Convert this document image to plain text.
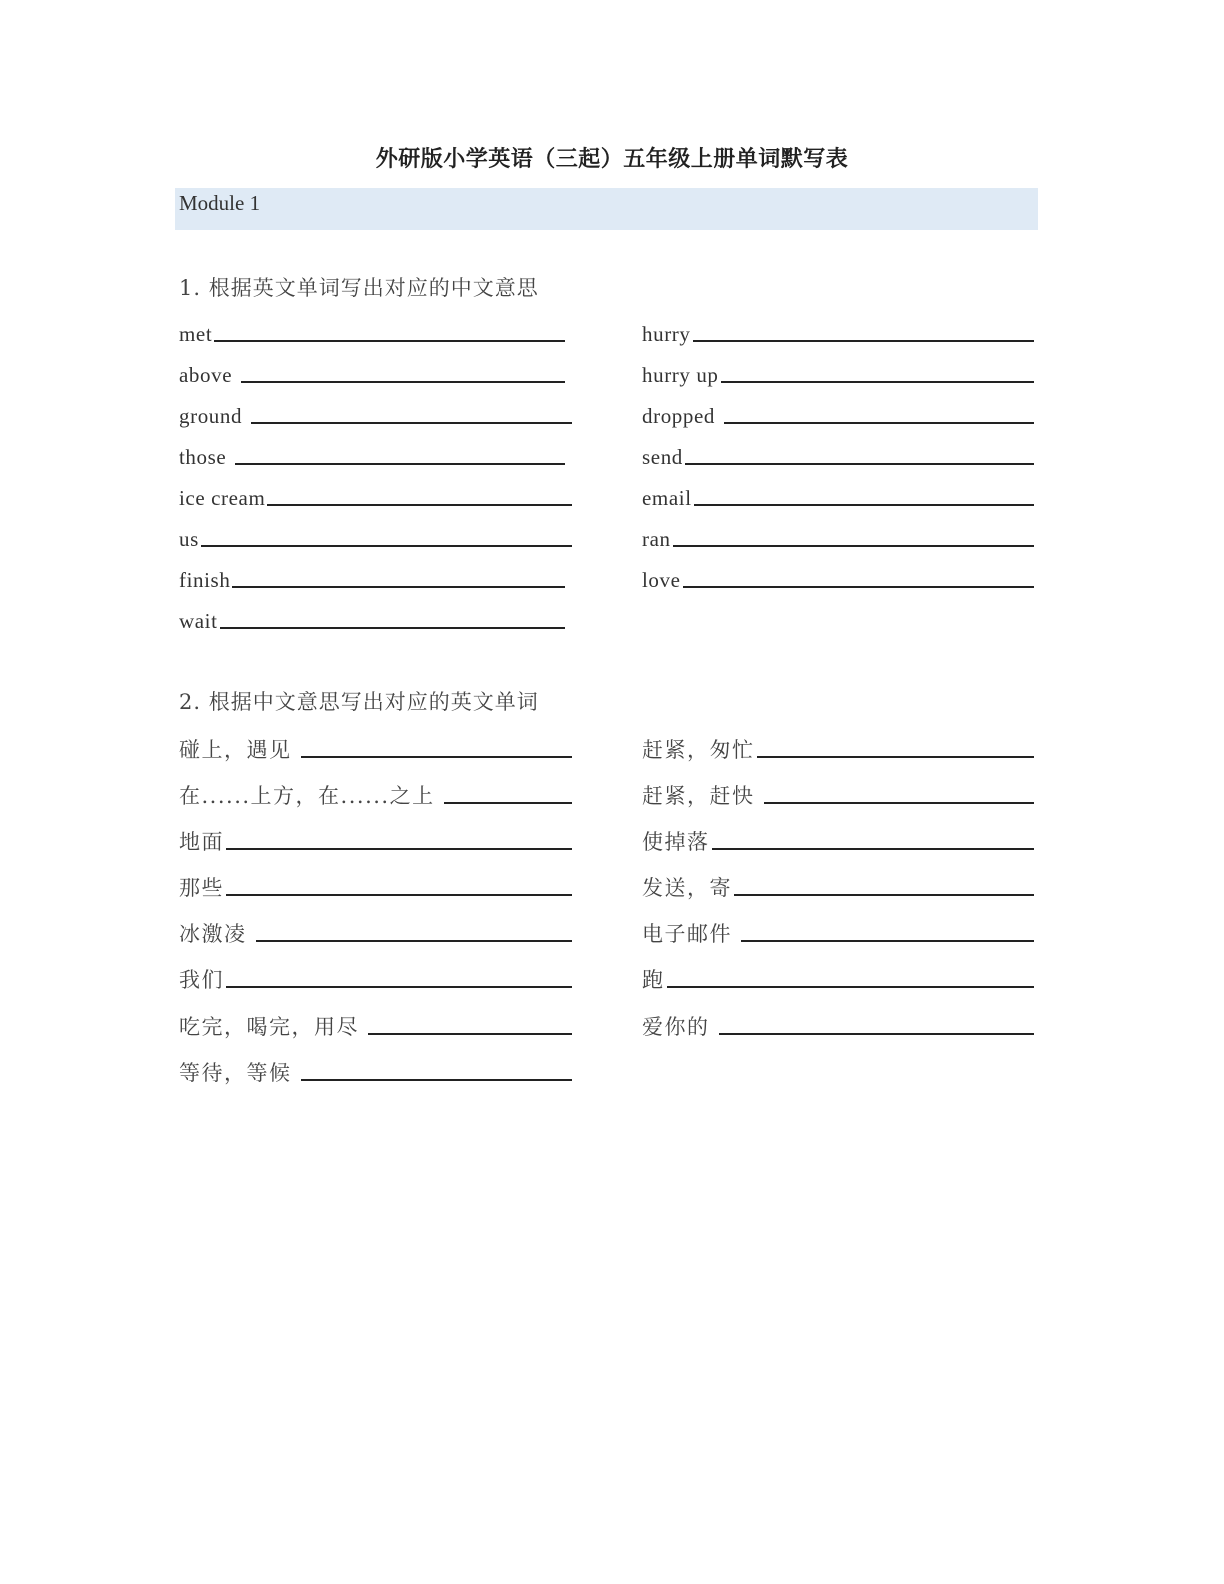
外研版小学英语（三起）五年级上册单词默写表
Module 1
1. 根据英文单词写出对应的中文意思
met
above
ground
those
ice cream
us
finish
wait
hurry
hurry up
dropped
send
email
ran
love
2. 根据中文意思写出对应的英文单词
碰上，遇见
在......上方，在......之上
地面
那些
冰激凌
我们
吃完，喝完，用尽
等待，等候
赶紧，匆忙
赶紧，赶快
使掉落
发送，寄
电子邮件
跑
爱你的
